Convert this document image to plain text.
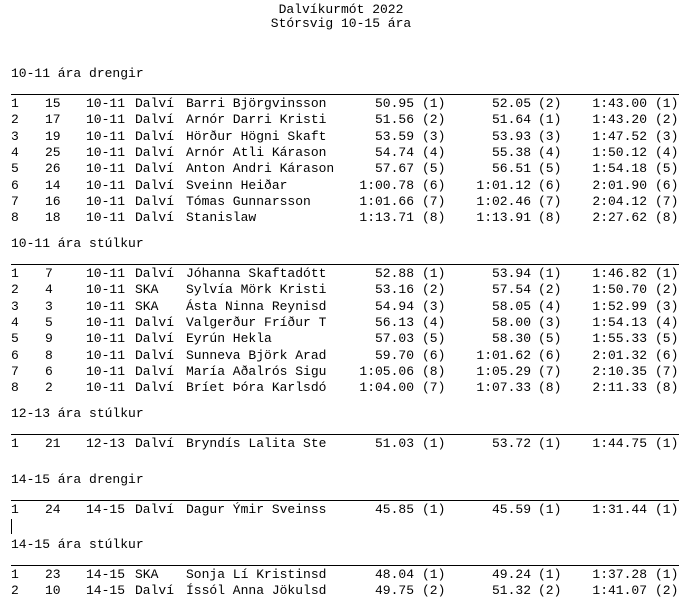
Dalvíkurmót 2022
Stórsvig 10-15 ára
10-11 ára drengir
1 15 10-11 Dalví Barri Björgvinsson	50.95 (1)	52.05 (2) 1:43.00 (1)
2 17 10-11 Dalví Arnór Darri Kristi	51.56 (2)	51.64 (1) 1:43.20 (2)
3 19 10-11 Dalví Hörður Högni Skaft	53.59 (3)	53.93 (3) 1:47.52 (3)
4 25 10-11 Dalví Arnór Atli Kárason	54.74 (4)	55.38 (4) 1:50.12 (4)
5 26 10-11 Dalví Anton Andri Kárason	57.67 (5)	56.51 (5) 1:54.18 (5)
6 14 10-11 Dalví Sveinn Heiðar	1:00.78 (6) 1:01.12 (6) 2:01.90 (6)
7 16 10-11 Dalví Tómas Gunnarsson	1:01.66 (7) 1:02.46 (7) 2:04.12 (7)
8 18 10-11 Dalví Stanislaw	1:13.71 (8) 1:13.91 (8) 2:27.62 (8)
10-11 ára stúlkur
1 7	10-11 Dalví Jóhanna Skaftadótt	52.88 (1)	53.94 (1) 1:46.82 (1)
2 4	10-11 SKA Sylvía Mörk Kristi	53.16 (2)	57.54 (2) 1:50.70 (2)
3 3	10-11 SKA Ásta Ninna Reynisd	54.94 (3)	58.05 (4) 1:52.99 (3)
4 5	10-11 Dalví Valgerður Fríður T	56.13 (4)	58.00 (3) 1:54.13 (4)
5 9	10-11 Dalví Eyrún Hekla	57.03 (5)	58.30 (5) 1:55.33 (5)
6 8	10-11 Dalví Sunneva Björk Arad	59.70 (6) 1:01.62 (6) 2:01.32 (6)
7 6	10-11 Dalví María Aðalrós Sigu	1:05.06 (8) 1:05.29 (7) 2:10.35 (7)
8 2	10-11 Dalví Bríet Þóra Karlsdó	1:04.00 (7) 1:07.33 (8) 2:11.33 (8)
12-13 ára stúlkur
1 21 12-13 Dalví Bryndís Lalita Ste	51.03 (1)	53.72 (1) 1:44.75 (1)
14-15 ára drengir
1 24 14-15 Dalví Dagur Ýmir Sveinss	45.85 (1)	45.59 (1) 1:31.44 (1)
14-15 ára stúlkur
1 23 14-15 SKA Sonja Lí Kristinsd	48.04 (1)	49.24 (1) 1:37.28 (1)
2 10 14-15 Dalví Íssól Anna Jökulsd	49.75 (2)	51.32 (2) 1:41.07 (2)
